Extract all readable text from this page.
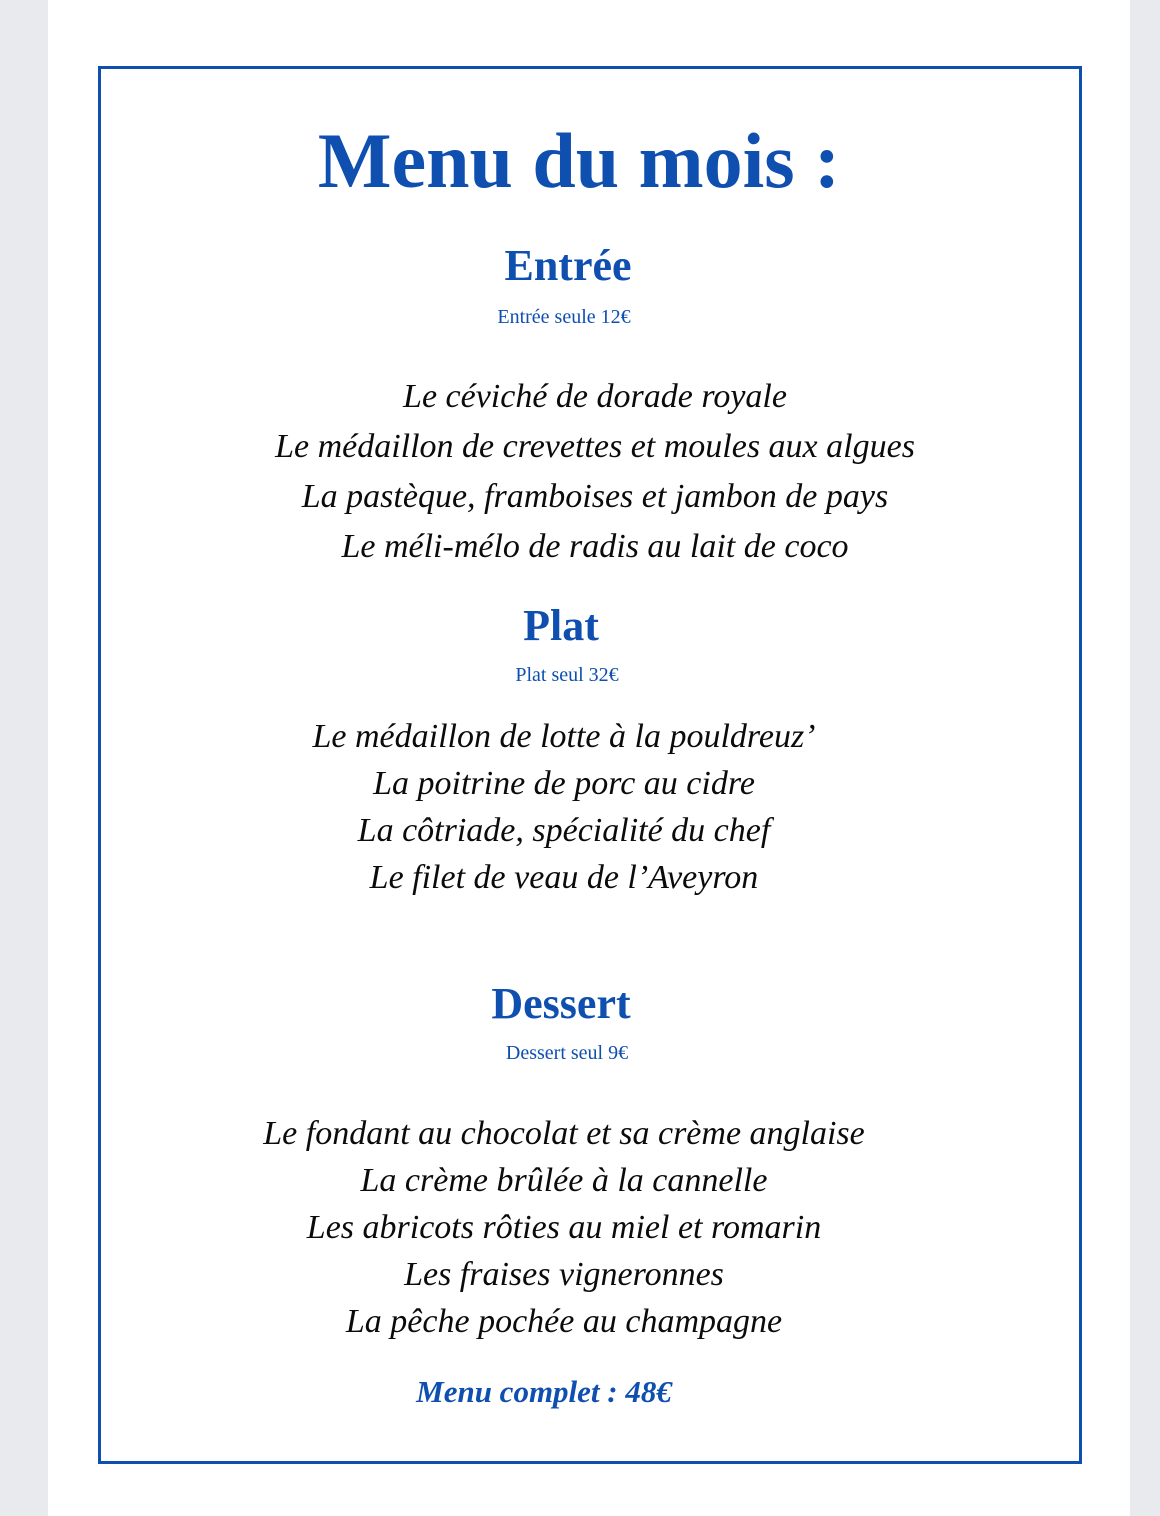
Menu du mois :
Entrée
Entrée seule 12€
Le céviché de dorade royale
Le médaillon de crevettes et moules aux algues
La pastèque, framboises et jambon de pays
Le méli-mélo de radis au lait de coco
Plat
Plat seul 32€
Le médaillon de lotte à la pouldreuz’
La poitrine de porc au cidre
La côtriade, spécialité du chef
Le filet de veau de l’Aveyron
Dessert
Dessert seul 9€
Le fondant au chocolat et sa crème anglaise
La crème brûlée à la cannelle
Les abricots rôties au miel et romarin
Les fraises vigneronnes
La pêche pochée au champagne
Menu complet : 48€
